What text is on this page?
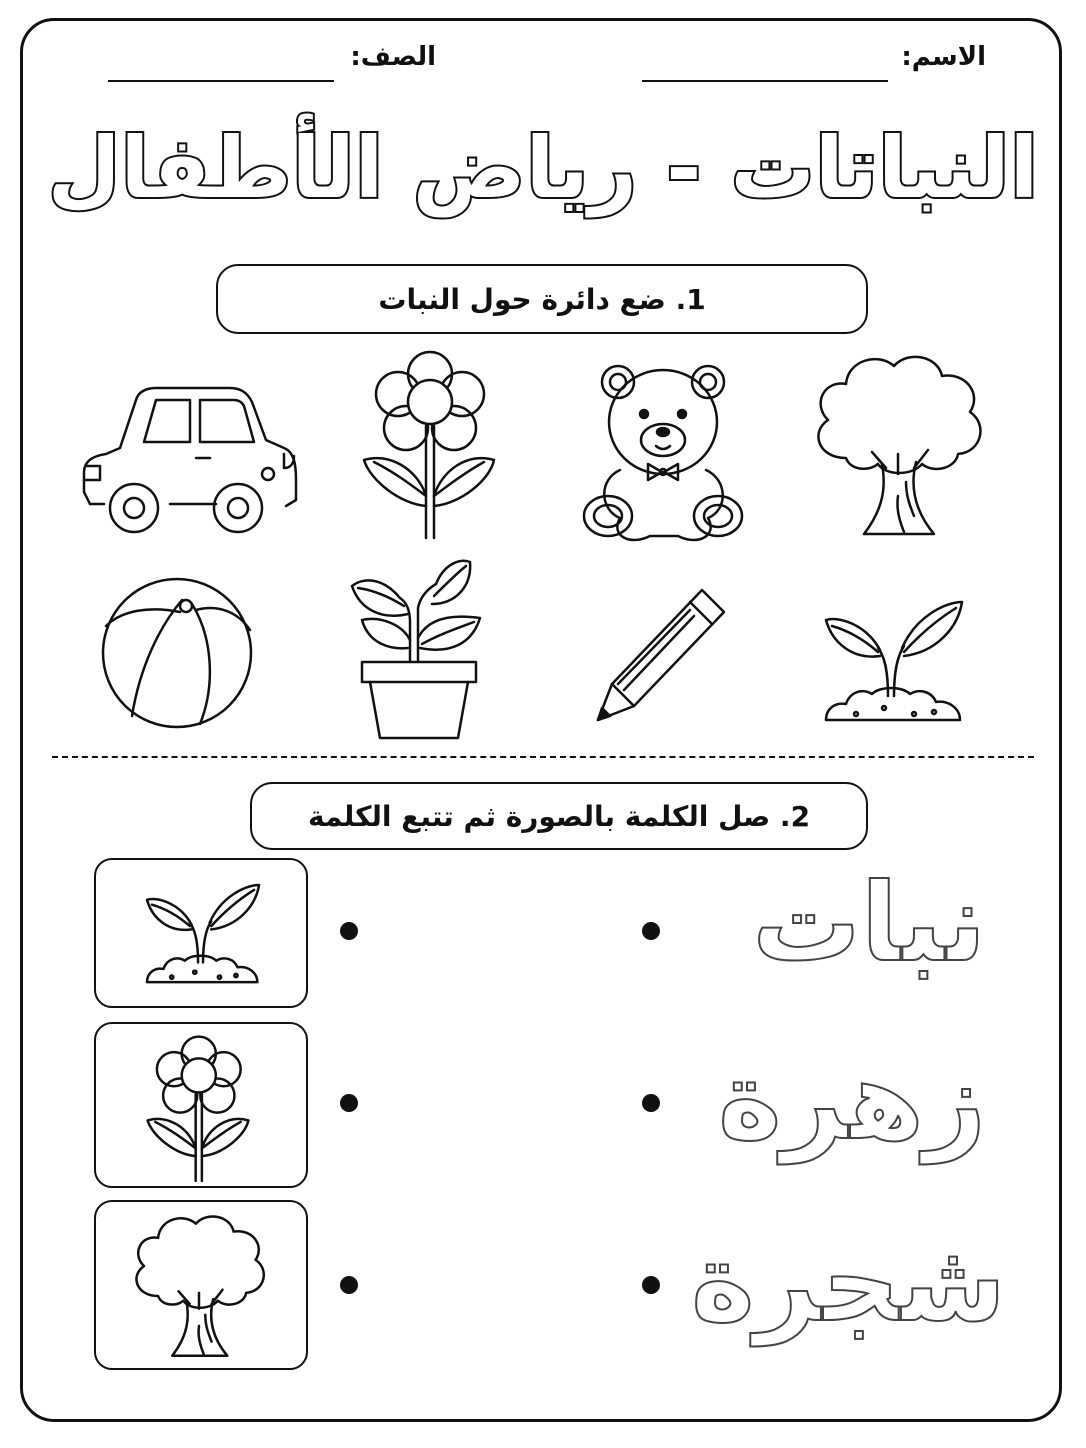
الاسم:
الصف:
النباتات - رياض الأطفال
1. ضع دائرة حول النبات
2. صل الكلمة بالصورة ثم تتبع الكلمة
نبات
زهرة
شجرة
